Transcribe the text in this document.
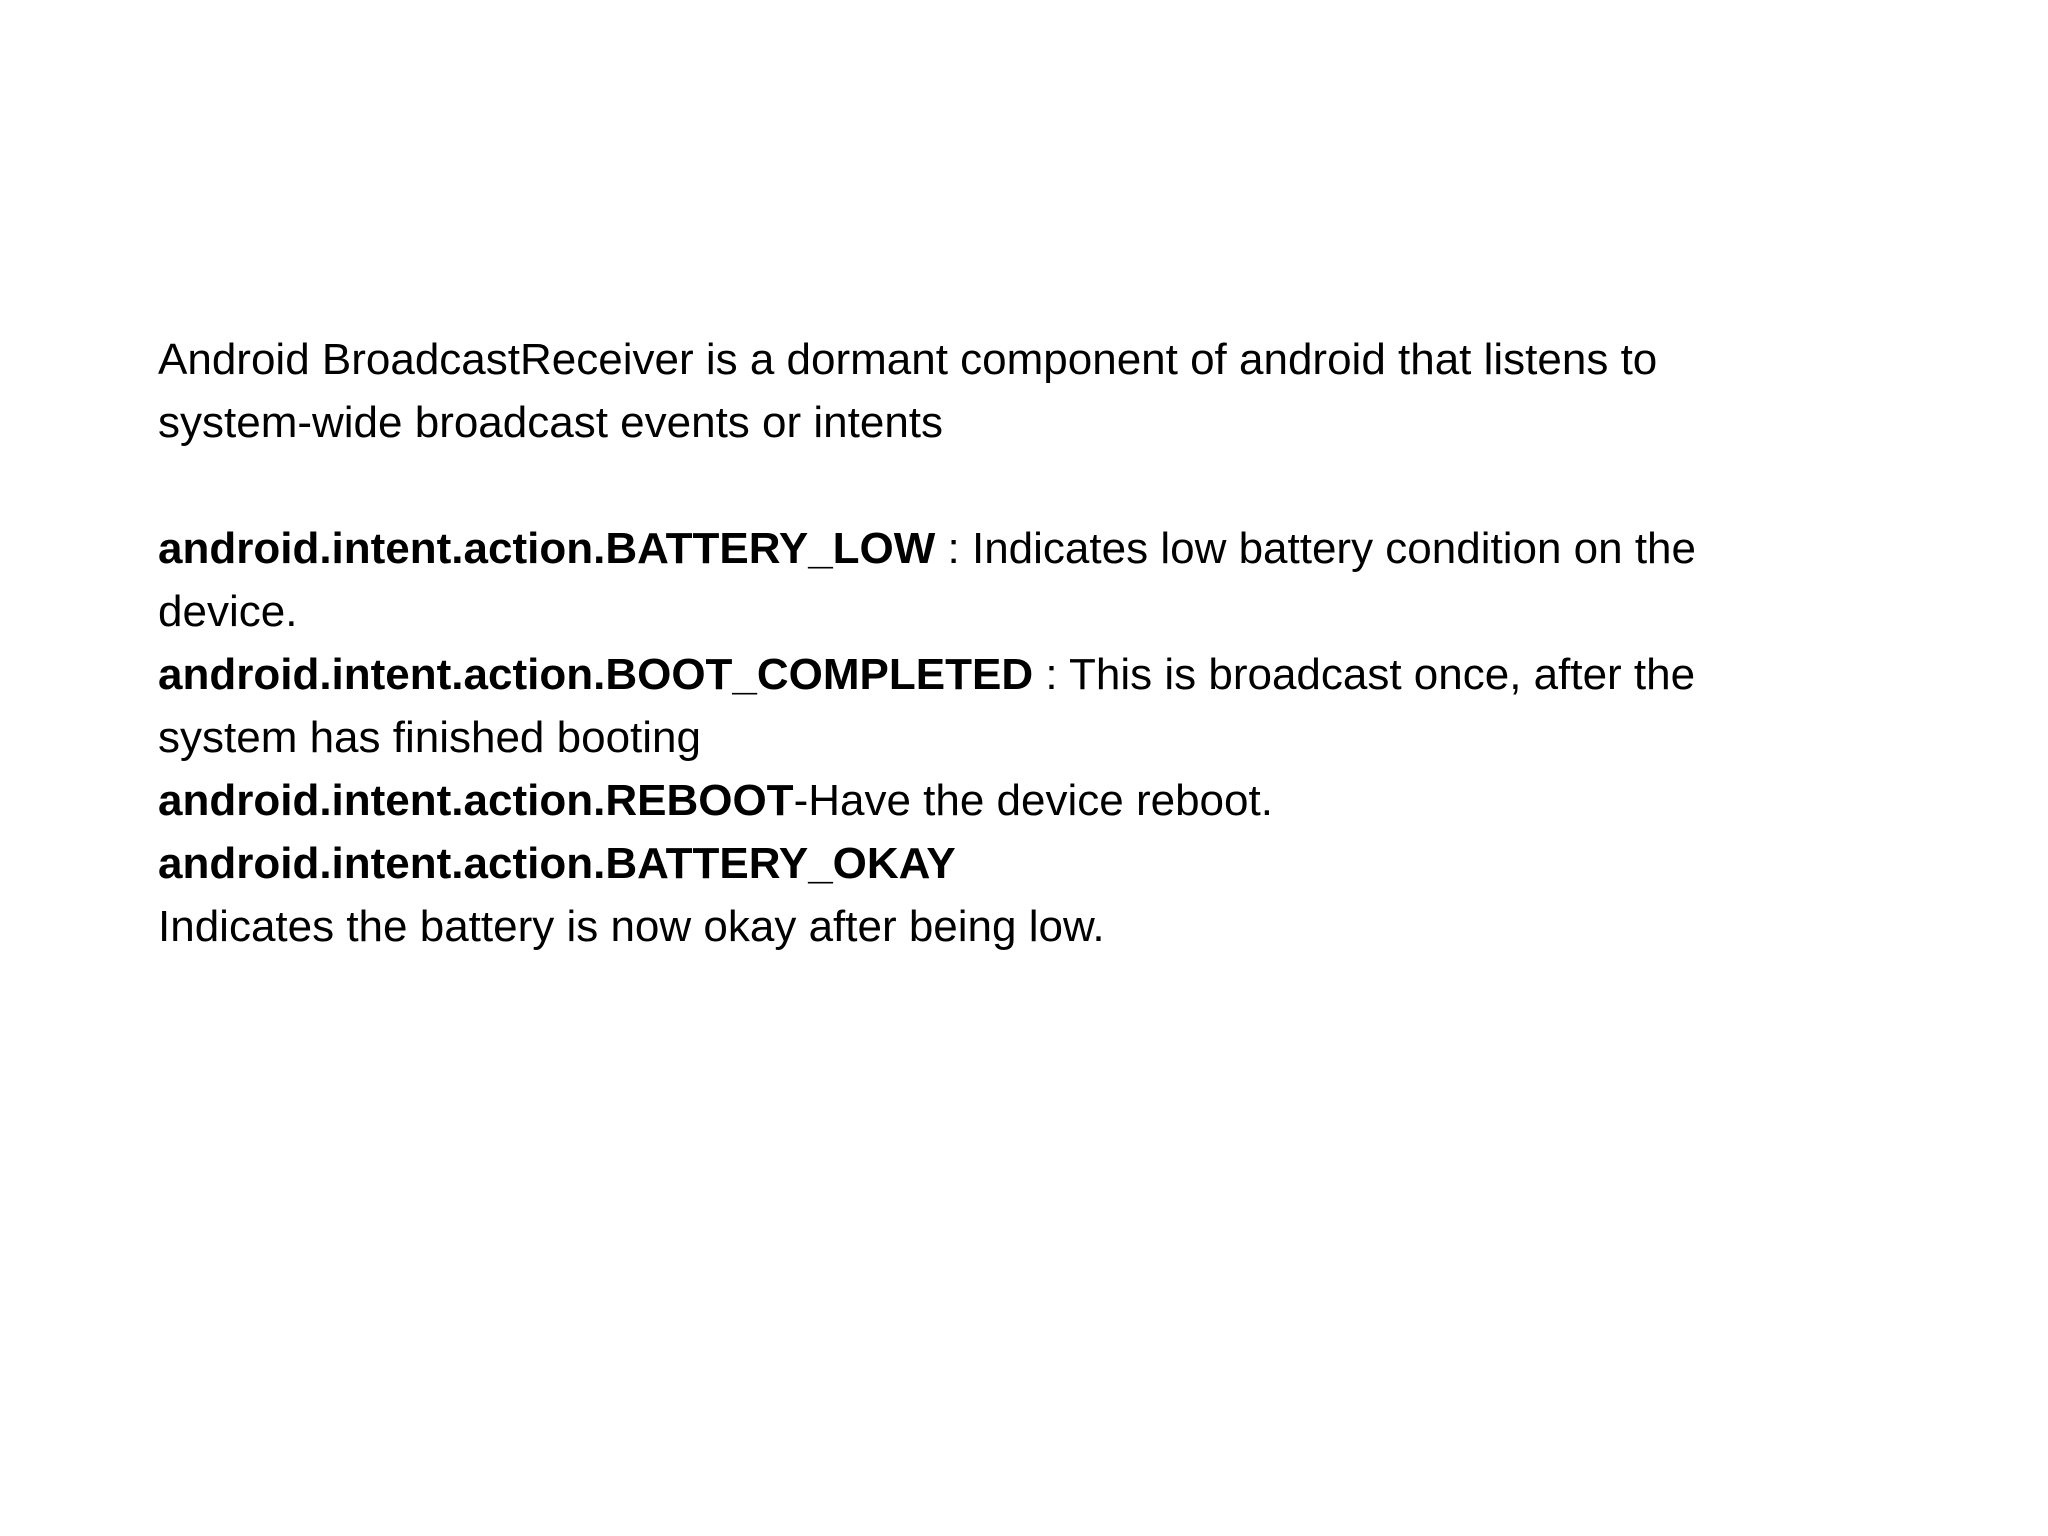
Android BroadcastReceiver is a dormant component of android that listens to

system-wide broadcast events or intents

android.intent.action.BATTERY_LOW : Indicates low battery condition on the

device.

android.intent.action.BOOT_COMPLETED : This is broadcast once, after the

system has finished booting

android.intent.action.REBOOT-Have the device reboot.

android.intent.action.BATTERY_OKAY

Indicates the battery is now okay after being low.
